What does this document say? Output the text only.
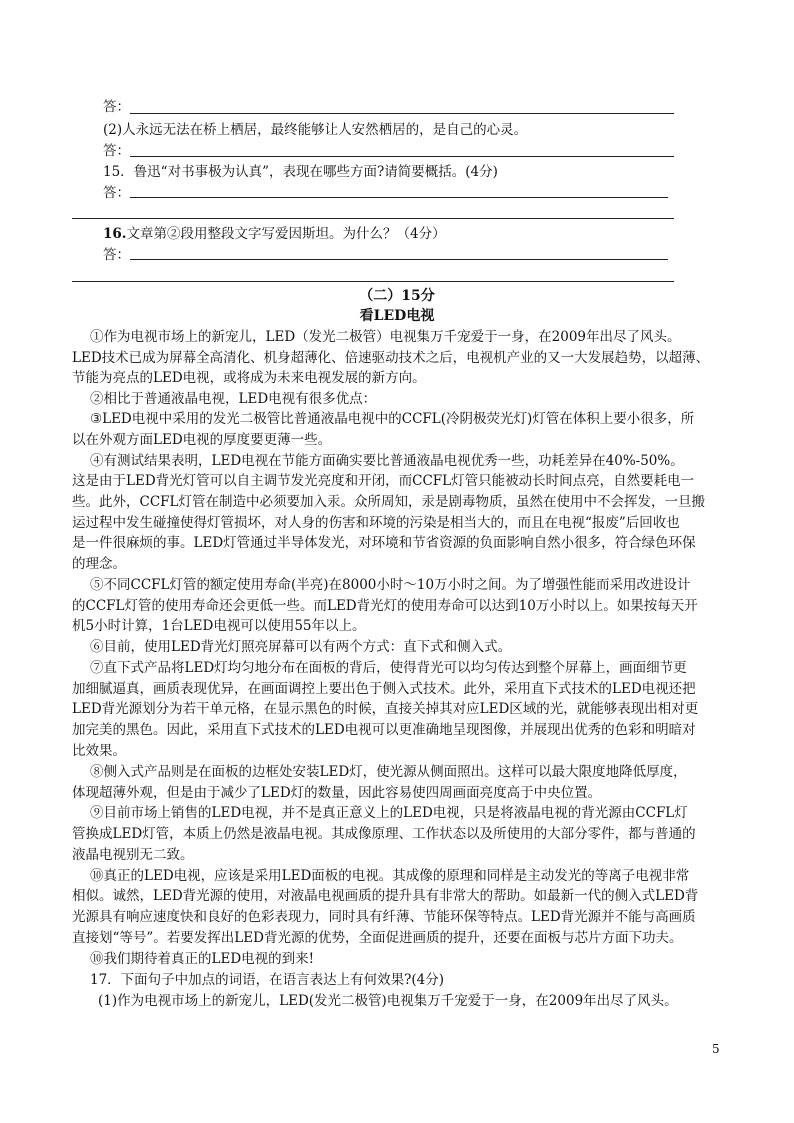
答：
(2)人永远无法在桥上栖居，最终能够让人安然栖居的，是自己的心灵。
答：
15．鲁迅“对书事极为认真”，表现在哪些方面?请简要概括。(4分)
答：
16.文章第②段用整段文字写爱因斯坦。为什么？（4分）
答：
（二）15分
看LED电视
①作为电视市场上的新宠儿，LED（发光二极管）电视集万千宠爱于一身，在2009年出尽了风头。
LED技术已成为屏幕全高清化、机身超薄化、倍速驱动技术之后，电视机产业的又一大发展趋势，以超薄、
节能为亮点的LED电视，或将成为未来电视发展的新方向。
②相比于普通液晶电视，LED电视有很多优点：
③LED电视中采用的发光二极管比普通液晶电视中的CCFL(冷阴极荧光灯)灯管在体积上要小很多，所
以在外观方面LED电视的厚度要更薄一些。
④有测试结果表明，LED电视在节能方面确实要比普通液晶电视优秀一些，功耗差异在40%-50%。
这是由于LED背光灯管可以自主调节发光亮度和开闭，而CCFL灯管只能被动长时间点亮，自然要耗电一
些。此外，CCFL灯管在制造中必须要加入汞。众所周知，汞是剧毒物质，虽然在使用中不会挥发，一旦搬
运过程中发生碰撞使得灯管损坏，对人身的伤害和环境的污染是相当大的，而且在电视“报废”后回收也
是一件很麻烦的事。LED灯管通过半导体发光，对环境和节省资源的负面影响自然小很多，符合绿色环保
的理念。
⑤不同CCFL灯管的额定使用寿命(半亮)在8000小时～10万小时之间。为了增强性能而采用改进设计
的CCFL灯管的使用寿命还会更低一些。而LED背光灯的使用寿命可以达到10万小时以上。如果按每天开
机5小时计算，1台LED电视可以使用55年以上。
⑥目前，使用LED背光灯照亮屏幕可以有两个方式：直下式和侧入式。
⑦直下式产品将LED灯均匀地分布在面板的背后，使得背光可以均匀传达到整个屏幕上，画面细节更
加细腻逼真，画质表现优异，在画面调控上要出色于侧入式技术。此外，采用直下式技术的LED电视还把
LED背光源划分为若干单元格，在显示黑色的时候，直接关掉其对应LED区域的光，就能够表现出相对更
加完美的黑色。因此，采用直下式技术的LED电视可以更准确地呈现图像，并展现出优秀的色彩和明暗对
比效果。
⑧侧入式产品则是在面板的边框处安装LED灯，使光源从侧面照出。这样可以最大限度地降低厚度，
体现超薄外观，但是由于减少了LED灯的数量，因此容易使四周画面亮度高于中央位置。
⑨目前市场上销售的LED电视，并不是真正意义上的LED电视，只是将液晶电视的背光源由CCFL灯
管换成LED灯管，本质上仍然是液晶电视。其成像原理、工作状态以及所使用的大部分零件，都与普通的
液晶电视别无二致。
⑩真正的LED电视，应该是采用LED面板的电视。其成像的原理和同样是主动发光的等离子电视非常
相似。诚然，LED背光源的使用，对液晶电视画质的提升具有非常大的帮助。如最新一代的侧入式LED背
光源具有响应速度快和良好的色彩表现力，同时具有纤薄、节能环保等特点。LED背光源并不能与高画质
直接划“等号”。若要发挥出LED背光源的优势，全面促进画质的提升，还要在面板与芯片方面下功夫。
⑩我们期待着真正的LED电视的到来!
17．下面句子中加点的词语，在语言表达上有何效果?(4分)
(1)作为电视市场上的新宠儿，LED(发光二极管)电视集万千宠爱于一身，在2009年出尽了风头。
5
